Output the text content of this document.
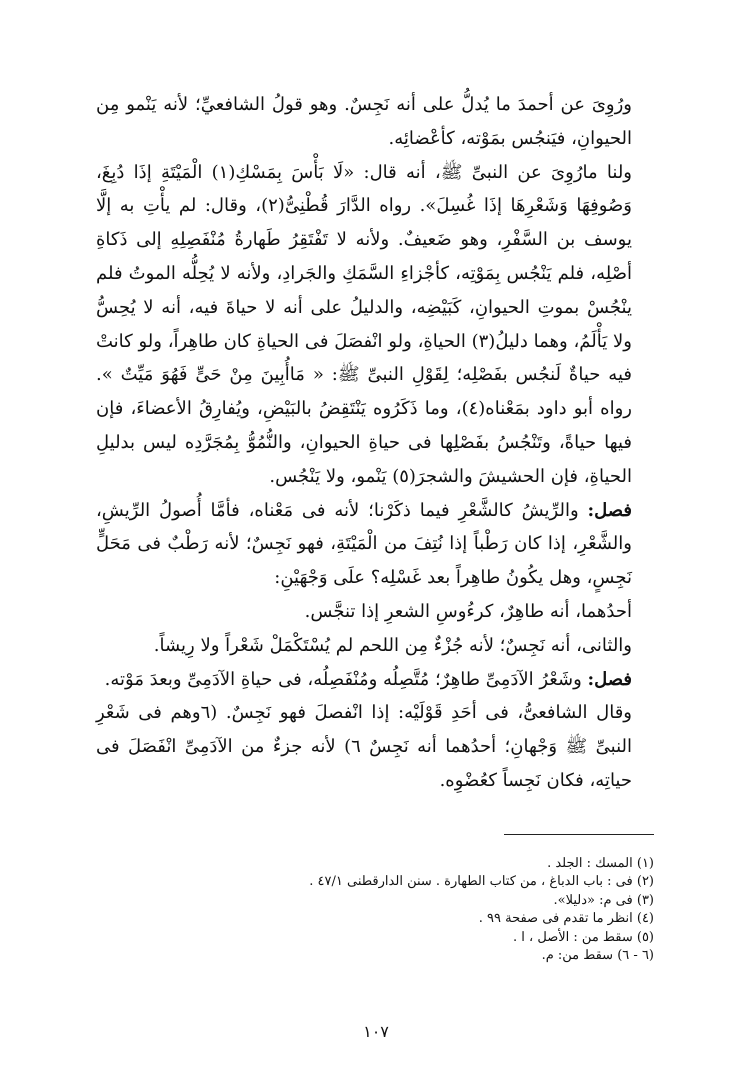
ورُوِىَ عن أحمدَ ما يُدلُّ على أنه نَجِسٌ. وهو قولُ الشافعيِّ؛ لأنه يَنْمو مِن الحيوانِ، فيَنجُس بمَوْته، كأعْضائِه.

ولنا مارُوِىَ عن النبىِّ ﷺ، أنه قال: «لَا بَأْسَ بِمَسْكِ(١) الْمَيْتَةِ إذَا دُبِغَ، وَصُوفِهَا وَشَعْرِهَا إذَا غُسِلَ». رواه الدَّارَ قُطْنِىُّ(٢)، وقال: لم يأْتِ به إلَّا يوسف بن السَّفْرِ، وهو ضَعيفٌ. ولأنه لا تَفْتَقِرُ طَهارةُ مُنْفَصِلِهِ إلى ذَكاةِ أصْلِه، فلم يَنْجُس بِمَوْتِه، كأجْزاءِ السَّمَكِ والجَرادِ، ولأنه لا يُحِلُّه الموتُ فلم ينْجُسْ بموتِ الحيوانِ، كَبَيْضِه، والدليلُ على أنه لا حياةَ فيه، أنه لا يُحِسُّ ولا يَأْلَمُ، وهما دليلُ(٣) الحياةِ، ولو انْفصَلَ فى الحياةِ كان طاهِراً، ولو كانتْ فيه حياةٌ لَنجُس بفَصْلِه؛ لِقَوْلِ النبىِّ ﷺ: « مَاأُبِينَ مِنْ حَىٍّ فَهُوَ مَيِّتٌ ». رواه أبو داود بمَعْناه(٤)، وما ذَكَرُوه يَنْتَقِضُ بالبَيْضِ، ويُفارِقُ الأعضاءَ، فإن فيها حياةً، وتَنْجُسُ بفَصْلِها فى حياةِ الحيوانِ، والنُّمُوُّ بِمُجَرَّدِه ليس بدليلِ الحياةِ، فإن الحشيشَ والشجرَ(٥) يَنْمو، ولا يَنْجُس.

فصل: والرِّيشُ كالشَّعْرِ فيما ذكَرْنا؛ لأنه فى مَعْناه، فأمَّا أُصولُ الرِّيشِ، والشَّعْرِ، إذا كان رَطْباً إذا نُتِفَ من الْمَيْتَةِ، فهو نَجِسٌ؛ لأنه رَطْبٌ فى مَحَلٍّ نَجِسٍ، وهل يكُونُ طاهِراً بعد غَسْلِه؟ علَى وَجْهَيْنِ:

أحدُهما، أنه طاهِرٌ، كرءُوسِ الشعرِ إذا تنجَّس.

والثانى، أنه نَجِسٌ؛ لأنه جُزْءٌ مِن اللحم لم يُسْتَكْمَلْ شَعْراً ولا رِيشاً.

فصل: وشَعْرُ الآدَمِىِّ طاهِرٌ؛ مُتَّصِلُه ومُنْفَصِلُه، فى حياةِ الآدَمِىِّ وبعدَ مَوْته.

وقال الشافعىُّ، فى أحَدِ قَوْلَيْه: إذا انْفصلَ فهو نَجِسٌ. (٦وهم فى شَعْرِ النبىِّ ﷺ وَجْهانِ؛ أحدُهما أنه نَجِسٌ ٦) لأنه جزءٌ من الآدَمِىِّ انْفَصَلَ فى حياتِه، فكان نَجِساً كعُضْوِه.

(١) المسك : الجلد .
(٢) فى : باب الدباغ ، من كتاب الطهارة . سنن الدارقطنى ٤٧/١ .
(٣) فى م: «دليلا».
(٤) انظر ما تقدم فى صفحة ٩٩ .
(٥) سقط من : الأصل ، ا .
(٦ - ٦) سقط من: م.
١٠٧
